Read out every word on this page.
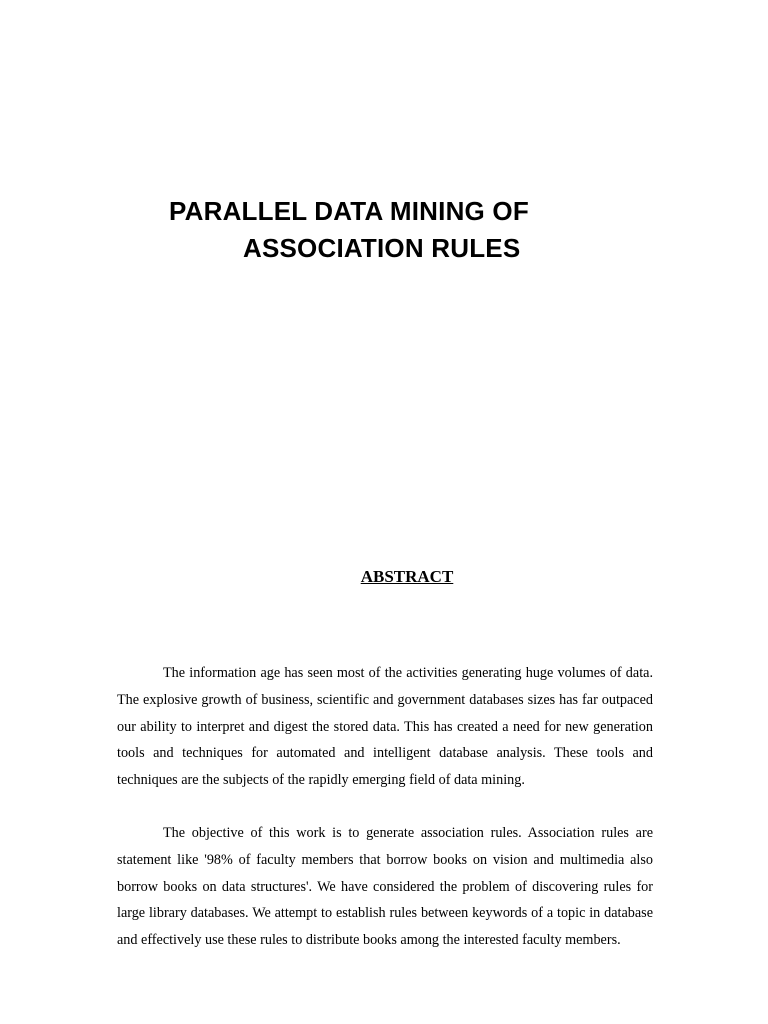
PARALLEL DATA MINING OF
ASSOCIATION RULES
ABSTRACT

The information age has seen most of the activities generating huge volumes of data. The explosive growth of business, scientific and government databases sizes has far outpaced our ability to interpret and digest the stored data. This has created a need for new generation tools and techniques for automated and intelligent database analysis. These tools and techniques are the subjects of the rapidly emerging field of data mining.

The objective of this work is to generate association rules. Association rules are statement like '98% of faculty members that borrow books on vision and multimedia also borrow books on data structures'. We have considered the problem of discovering rules for large library databases. We attempt to establish rules between keywords of a topic in database and effectively use these rules to distribute books among the interested faculty members.
